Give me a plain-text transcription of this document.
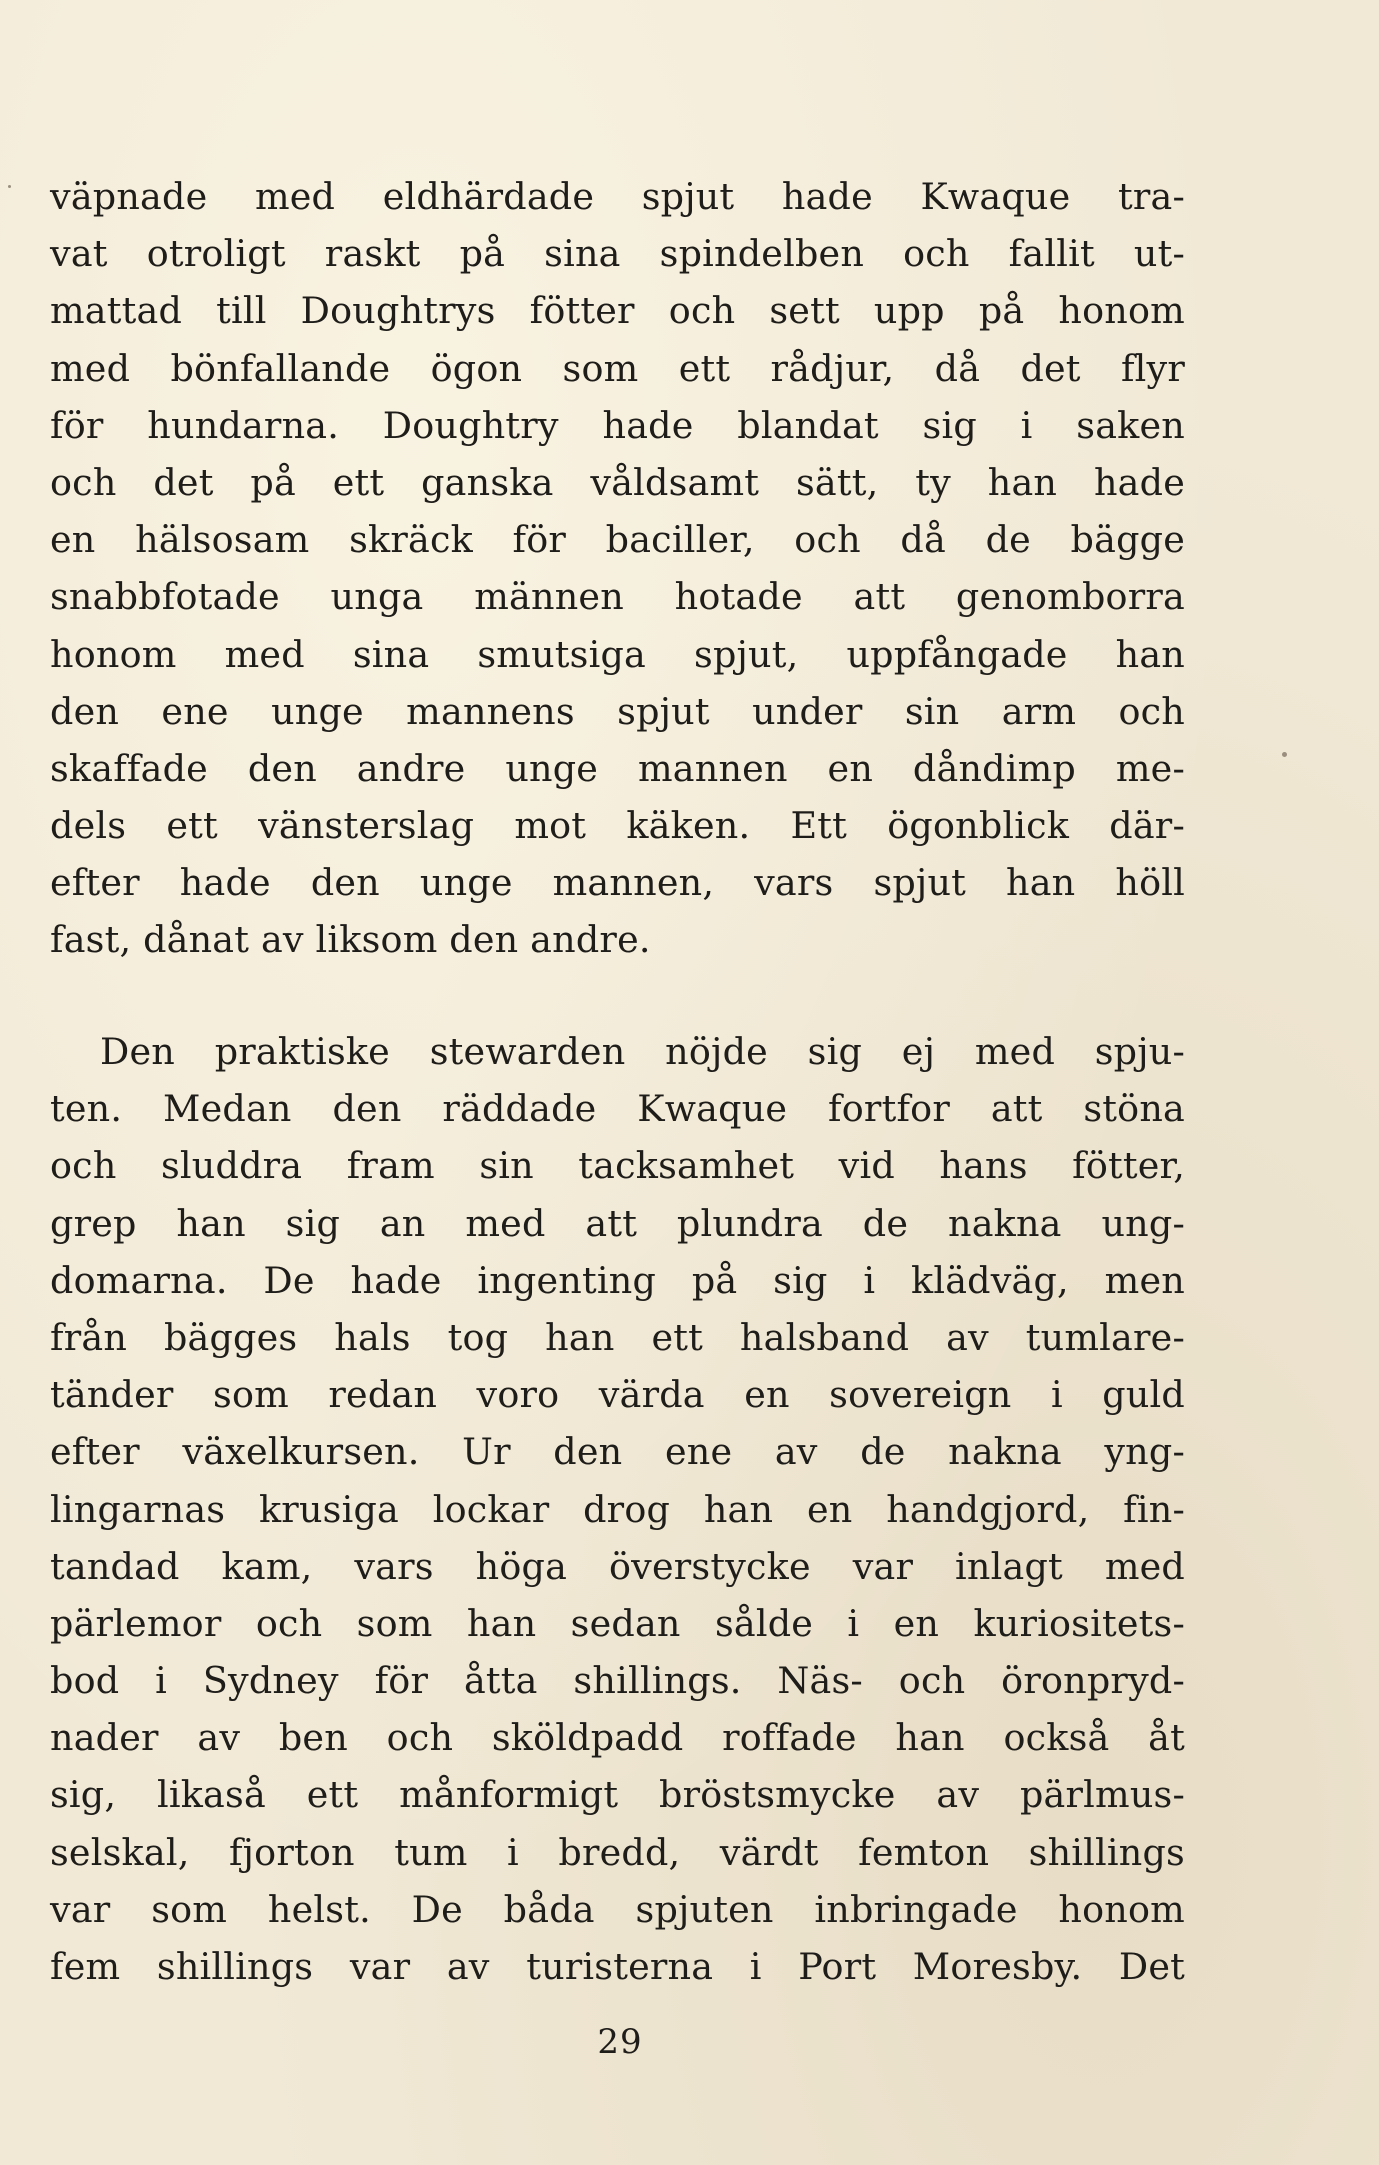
väpnade med eldhärdade spjut hade Kwaque tra-
vat otroligt raskt på sina spindelben och fallit ut-
mattad till Doughtrys fötter och sett upp på honom
med bönfallande ögon som ett rådjur, då det flyr
för hundarna. Doughtry hade blandat sig i saken
och det på ett ganska våldsamt sätt, ty han hade
en hälsosam skräck för baciller, och då de bägge
snabbfotade unga männen hotade att genomborra
honom med sina smutsiga spjut, uppfångade han
den ene unge mannens spjut under sin arm och
skaffade den andre unge mannen en dåndimp me-
dels ett vänsterslag mot käken. Ett ögonblick där-
efter hade den unge mannen, vars spjut han höll
fast, dånat av liksom den andre.
Den praktiske stewarden nöjde sig ej med spju-
ten. Medan den räddade Kwaque fortfor att stöna
och sluddra fram sin tacksamhet vid hans fötter,
grep han sig an med att plundra de nakna ung-
domarna. De hade ingenting på sig i klädväg, men
från bägges hals tog han ett halsband av tumlare-
tänder som redan voro värda en sovereign i guld
efter växelkursen. Ur den ene av de nakna yng-
lingarnas krusiga lockar drog han en handgjord, fin-
tandad kam, vars höga överstycke var inlagt med
pärlemor och som han sedan sålde i en kuriositets-
bod i Sydney för åtta shillings. Näs- och öronpryd-
nader av ben och sköldpadd roffade han också åt
sig, likaså ett månformigt bröstsmycke av pärlmus-
selskal, fjorton tum i bredd, värdt femton shillings
var som helst. De båda spjuten inbringade honom
fem shillings var av turisterna i Port Moresby. Det
29
